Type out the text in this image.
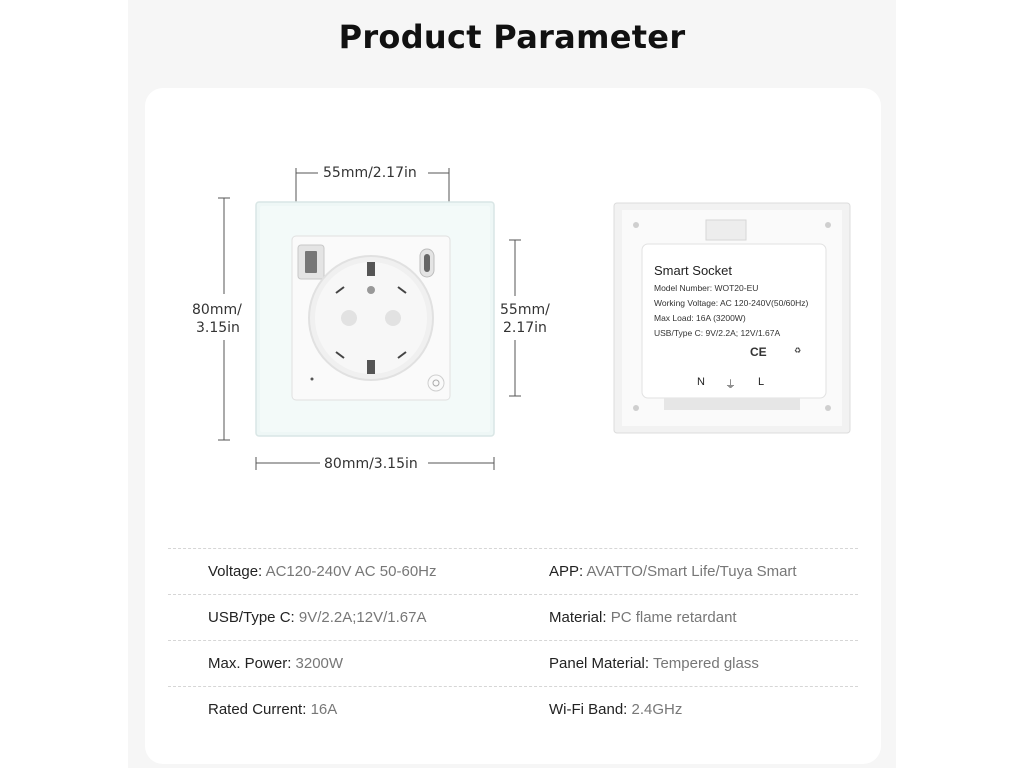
Product Parameter
♻
55mm/2.17in
80mm/3.15in
80mm/
3.15in
55mm/
2.17in
Smart Socket
Model Number: WOT20-EU
Working Voltage: AC 120-240V(50/60Hz)
Max Load: 16A (3200W)
USB/Type C: 9V/2.2A; 12V/1.67A
CE
N ⏚ L
Voltage: AC120-240V AC 50-60Hz	APP: AVATTO/Smart Life/Tuya Smart
USB/Type C: 9V/2.2A;12V/1.67A	Material: PC flame retardant
Max. Power: 3200W	Panel Material: Tempered glass
Rated Current: 16A	Wi-Fi Band: 2.4GHz
